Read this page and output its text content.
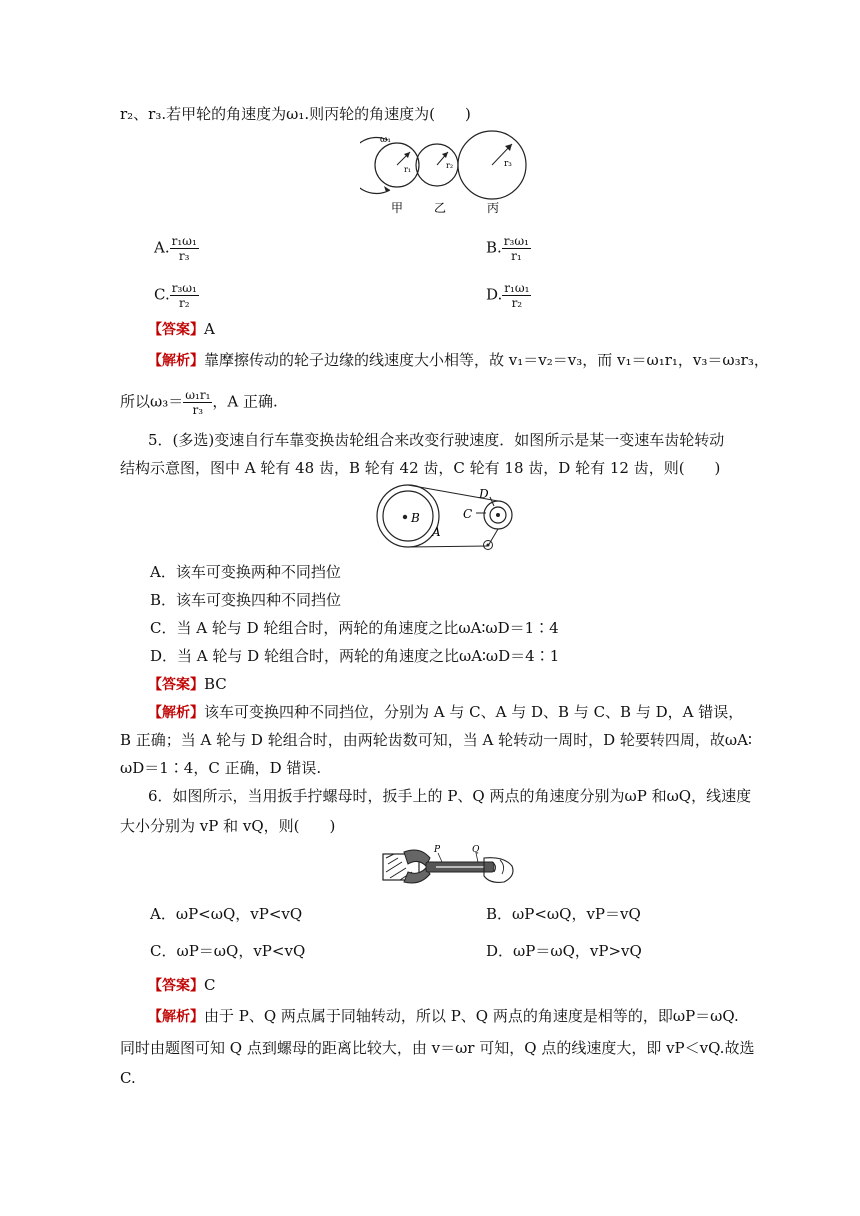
r₂、r₃.若甲轮的角速度为ω₁.则丙轮的角速度为(　　)
ω₁
r₁	r₂	r₃
甲	乙	丙
A. $\frac{\text{r₁ω₁}}{\text{r₃}}$	B. $\frac{\text{r₃ω₁}}{\text{r₁}}$
C. $\frac{\text{r₃ω₁}}{\text{r₂}}$	D. $\frac{\text{r₁ω₁}}{\text{r₂}}$
【答案】A
【解析】靠摩擦传动的轮子边缘的线速度大小相等，故 v₁＝v₂＝v₃，而 v₁＝ω₁r₁，v₃＝ω₃r₃，
所以$\omega_3= \frac{\text{ω₁r₁}}{\text{r₃}}$ ，A 正确.
5．(多选)变速自行车靠变换齿轮组合来改变行驶速度．如图所示是某一变速车齿轮转动
结构示意图，图中 A 轮有 48 齿，B 轮有 42 齿，C 轮有 18 齿，D 轮有 12 齿，则(　　)
B
A
C
D
A．该车可变换两种不同挡位
B．该车可变换四种不同挡位
C．当 A 轮与 D 轮组合时，两轮的角速度之比ωA∶ωD＝1∶4
D．当 A 轮与 D 轮组合时，两轮的角速度之比ωA∶ωD＝4∶1
【答案】BC
【解析】该车可变换四种不同挡位，分别为 A 与 C、A 与 D、B 与 C、B 与 D，A 错误，
B 正确；当 A 轮与 D 轮组合时，由两轮齿数可知，当 A 轮转动一周时，D 轮要转四周，故ωA∶
ωD＝1∶4，C 正确，D 错误.
6．如图所示，当用扳手拧螺母时，扳手上的 P、Q 两点的角速度分别为ωP 和ωQ，线速度
大小分别为 vP 和 vQ，则(　　)
P	Q
A．ωP<ωQ，vP<vQ	B．ωP<ωQ，vP＝vQ
C．ωP＝ωQ，vP<vQ	D．ωP＝ωQ，vP>vQ
【答案】C
【解析】由于 P、Q 两点属于同轴转动，所以 P、Q 两点的角速度是相等的，即ωP＝ωQ.
同时由题图可知 Q 点到螺母的距离比较大，由 v＝ωr 可知，Q 点的线速度大，即 vP＜vQ.故选
C.
